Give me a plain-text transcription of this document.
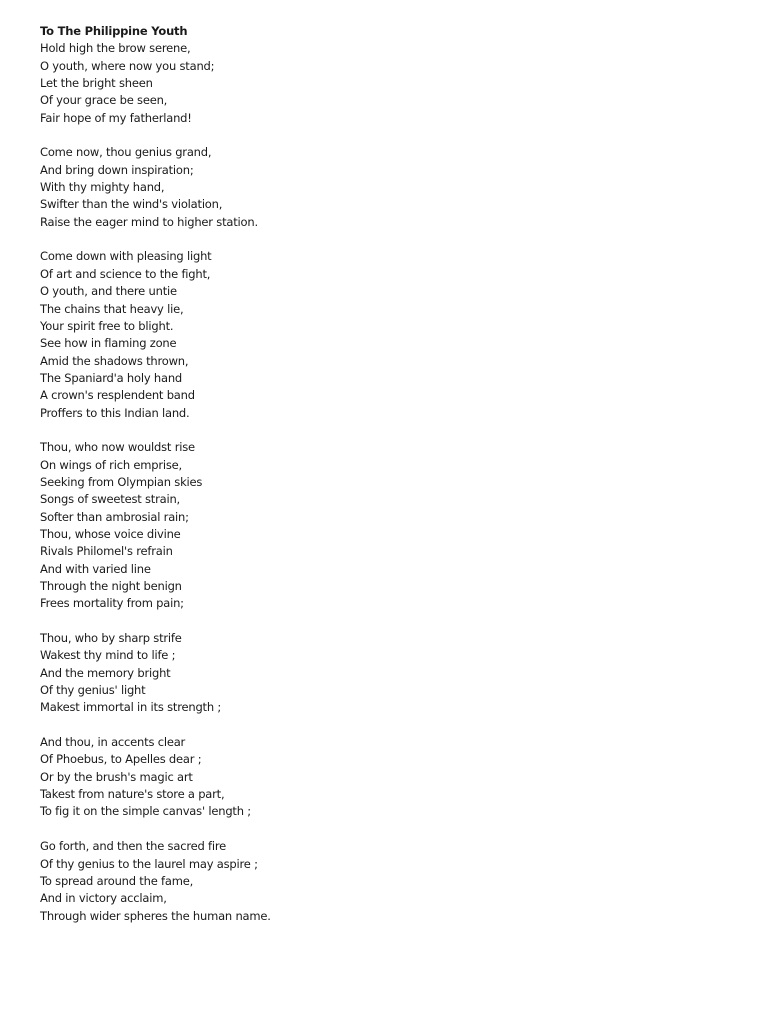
To The Philippine Youth
Hold high the brow serene,
O youth, where now you stand;
Let the bright sheen
Of your grace be seen,
Fair hope of my fatherland!
Come now, thou genius grand,
And bring down inspiration;
With thy mighty hand,
Swifter than the wind's violation,
Raise the eager mind to higher station.
Come down with pleasing light
Of art and science to the fight,
O youth, and there untie
The chains that heavy lie,
Your spirit free to blight.
See how in flaming zone
Amid the shadows thrown,
The Spaniard'a holy hand
A crown's resplendent band
Proffers to this Indian land.
Thou, who now wouldst rise
On wings of rich emprise,
Seeking from Olympian skies
Songs of sweetest strain,
Softer than ambrosial rain;
Thou, whose voice divine
Rivals Philomel's refrain
And with varied line
Through the night benign
Frees mortality from pain;
Thou, who by sharp strife
Wakest thy mind to life ;
And the memory bright
Of thy genius' light
Makest immortal in its strength ;
And thou, in accents clear
Of Phoebus, to Apelles dear ;
Or by the brush's magic art
Takest from nature's store a part,
To fig it on the simple canvas' length ;
Go forth, and then the sacred fire
Of thy genius to the laurel may aspire ;
To spread around the fame,
And in victory acclaim,
Through wider spheres the human name.
